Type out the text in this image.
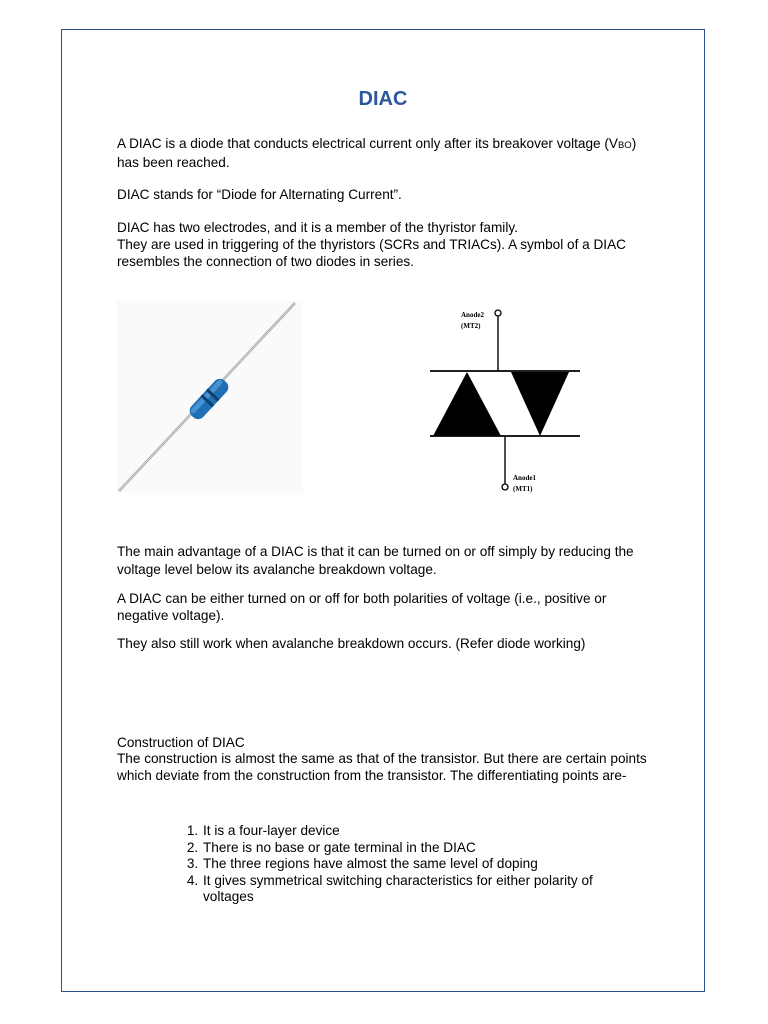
DIAC

A DIAC is a diode that conducts electrical current only after its breakover voltage (VBO) has been reached.

DIAC stands for “Diode for Alternating Current”.

DIAC has two electrodes, and it is a member of the thyristor family.

They are used in triggering of the thyristors (SCRs and TRIACs). A symbol of a DIAC resembles the connection of two diodes in series.

Anode2
(MT2)
Anode1
(MT1)

The main advantage of a DIAC is that it can be turned on or off simply by reducing the voltage level below its avalanche breakdown voltage.

A DIAC can be either turned on or off for both polarities of voltage (i.e., positive or negative voltage).

They also still work when avalanche breakdown occurs. (Refer diode working)

Construction of DIAC

The construction is almost the same as that of the transistor. But there are certain points which deviate from the construction from the transistor. The differentiating points are-

1. It is a four-layer device
2. There is no base or gate terminal in the DIAC
3. The three regions have almost the same level of doping
4. It gives symmetrical switching characteristics for either polarity of voltages
